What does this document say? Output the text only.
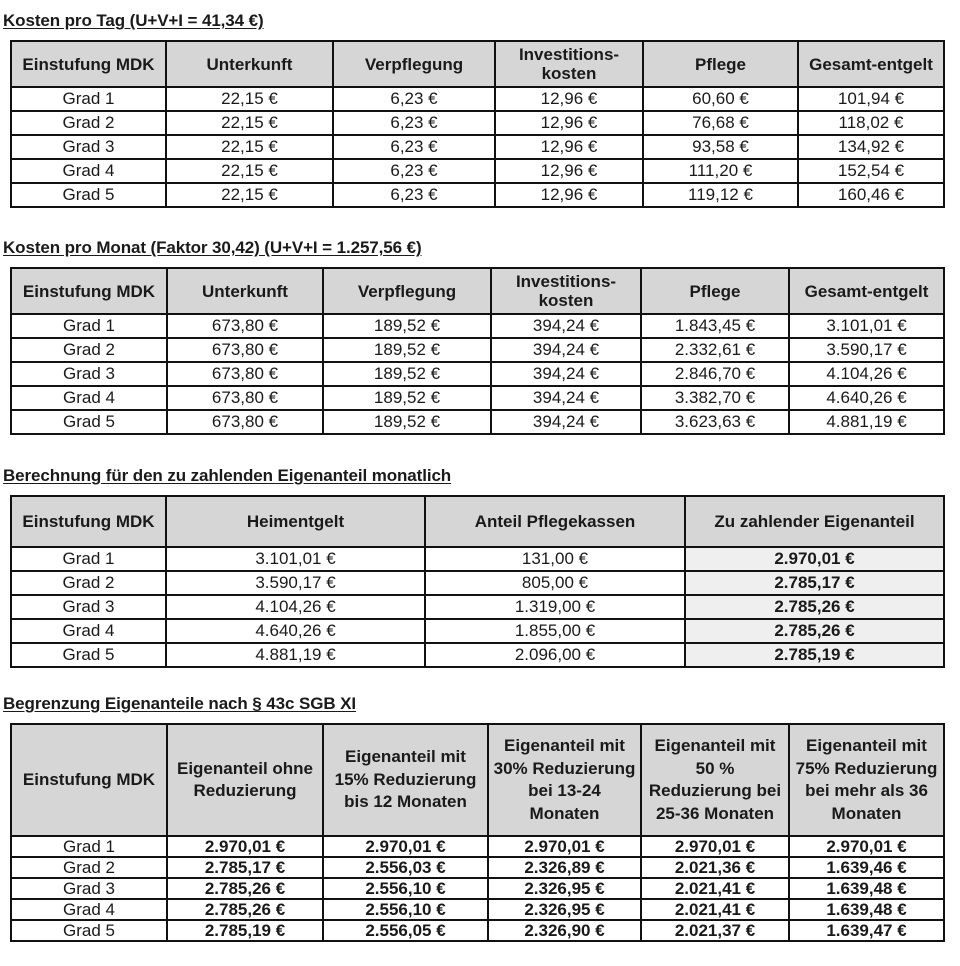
Kosten pro Tag (U+V+I = 41,34 €)
Einstufung MDK	Unterkunft	Verpflegung	Investitions-kosten	Pflege	Gesamt-entgelt
Grad 1	22,15 €	6,23 €	12,96 €	60,60 €	101,94 €
Grad 2	22,15 €	6,23 €	12,96 €	76,68 €	118,02 €
Grad 3	22,15 €	6,23 €	12,96 €	93,58 €	134,92 €
Grad 4	22,15 €	6,23 €	12,96 €	111,20 €	152,54 €
Grad 5	22,15 €	6,23 €	12,96 €	119,12 €	160,46 €
Kosten pro Monat (Faktor 30,42) (U+V+I = 1.257,56 €)
Einstufung MDK	Unterkunft	Verpflegung	Investitions-kosten	Pflege	Gesamt-entgelt
Grad 1	673,80 €	189,52 €	394,24 €	1.843,45 €	3.101,01 €
Grad 2	673,80 €	189,52 €	394,24 €	2.332,61 €	3.590,17 €
Grad 3	673,80 €	189,52 €	394,24 €	2.846,70 €	4.104,26 €
Grad 4	673,80 €	189,52 €	394,24 €	3.382,70 €	4.640,26 €
Grad 5	673,80 €	189,52 €	394,24 €	3.623,63 €	4.881,19 €
Berechnung für den zu zahlenden Eigenanteil monatlich
Einstufung MDK	Heimentgelt	Anteil Pflegekassen	Zu zahlender Eigenanteil
Grad 1	3.101,01 €	131,00 €	2.970,01 €
Grad 2	3.590,17 €	805,00 €	2.785,17 €
Grad 3	4.104,26 €	1.319,00 €	2.785,26 €
Grad 4	4.640,26 €	1.855,00 €	2.785,26 €
Grad 5	4.881,19 €	2.096,00 €	2.785,19 €
Begrenzung Eigenanteile nach § 43c SGB XI
Einstufung MDK	Eigenanteil ohne Reduzierung	Eigenanteil mit 15% Reduzierung bis 12 Monaten	Eigenanteil mit 30% Reduzierung bei 13-24 Monaten	Eigenanteil mit 50 % Reduzierung bei 25-36 Monaten	Eigenanteil mit 75% Reduzierung bei mehr als 36 Monaten
Grad 1	2.970,01 €	2.970,01 €	2.970,01 €	2.970,01 €	2.970,01 €
Grad 2	2.785,17 €	2.556,03 €	2.326,89 €	2.021,36 €	1.639,46 €
Grad 3	2.785,26 €	2.556,10 €	2.326,95 €	2.021,41 €	1.639,48 €
Grad 4	2.785,26 €	2.556,10 €	2.326,95 €	2.021,41 €	1.639,48 €
Grad 5	2.785,19 €	2.556,05 €	2.326,90 €	2.021,37 €	1.639,47 €
